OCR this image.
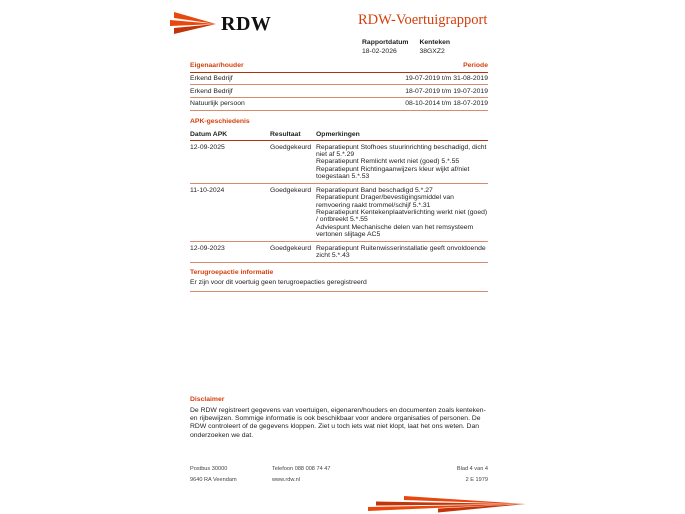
RDW	RDW-Voertuigrapport
Rapportdatum
18-02-2026
Kenteken
38GXZ2
Eigenaar/houder	Periode
Erkend Bedrijf	19-07-2019 t/m 31-08-2019
Erkend Bedrijf	18-07-2019 t/m 19-07-2019
Natuurlijk persoon	08-10-2014 t/m 18-07-2019
APK-geschiedenis
Datum APK	Resultaat	Opmerkingen
12-09-2025	Goedgekeurd Reparatiepunt Stofhoes stuurinrichting beschadigd, dicht niet af 5.*.29
Reparatiepunt Remlicht werkt niet (goed) 5.*.55
Reparatiepunt Richtingaanwijzers kleur wijkt af/niet toegestaan 5.*.53
11-10-2024	Goedgekeurd Reparatiepunt Band beschadigd 5.*.27
Reparatiepunt Drager/bevestigingsmiddel van remvoering raakt trommel/schijf 5.*.31
Reparatiepunt Kentekenplaatverlichting werkt niet (goed) / ontbreekt 5.*.55
Adviespunt Mechanische delen van het remsysteem vertonen slijtage AC5
12-09-2023	Goedgekeurd Reparatiepunt Ruitenwisserinstallatie geeft onvoldoende zicht 5.*.43
Terugroepactie informatie

Er zijn voor dit voertuig geen terugroepacties geregistreerd

Disclaimer

De RDW registreert gegevens van voertuigen, eigenaren/houders en documenten zoals kenteken- en rijbewijzen. Sommige informatie is ook beschikbaar voor andere organisaties of personen. De RDW controleert of de gegevens kloppen. Ziet u toch iets wat niet klopt, laat het ons weten. Dan onderzoeken we dat.

Postbus 30000
9640 RA Veendam
Telefoon 088 008 74 47
www.rdw.nl
Blad 4 van 4
2 E 1979
